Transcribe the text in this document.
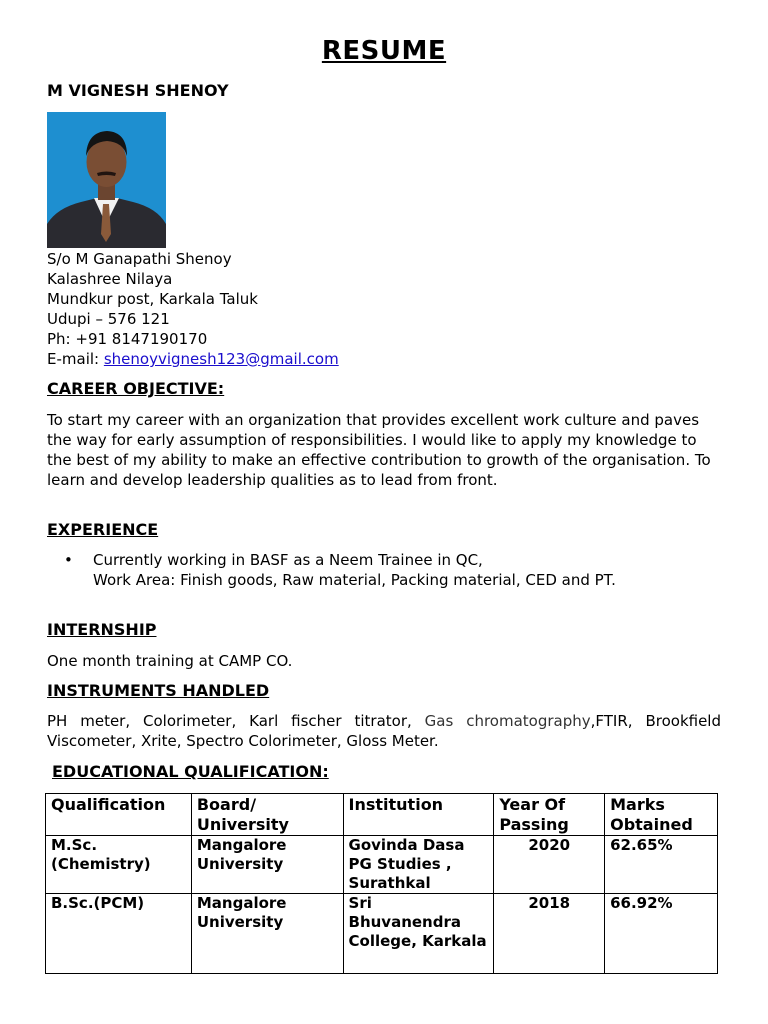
RESUME
M VIGNESH SHENOY
S/o M Ganapathi Shenoy
Kalashree Nilaya
Mundkur post, Karkala Taluk
Udupi – 576 121
Ph: +91 8147190170
E-mail: shenoyvignesh123@gmail.com
CAREER OBJECTIVE:
To start my career with an organization that provides excellent work culture and paves the way for early assumption of responsibilities. I would like to apply my knowledge to the best of my ability to make an effective contribution to growth of the organisation. To learn and develop leadership qualities as to lead from front.
EXPERIENCE
• Currently working in BASF as a Neem Trainee in QC,
Work Area: Finish goods, Raw material, Packing material, CED and PT.
INTERNSHIP
One month training at CAMP CO.
INSTRUMENTS HANDLED
PH meter, Colorimeter, Karl fischer titrator, Gas chromatography,FTIR, Brookfield Viscometer, Xrite, Spectro Colorimeter, Gloss Meter.
EDUCATIONAL QUALIFICATION:
Qualification	Board/ University	Institution	Year Of Passing	Marks Obtained
M.Sc. (Chemistry)	Mangalore University	Govinda Dasa PG Studies , Surathkal	2020	62.65%
B.Sc.(PCM)	Mangalore University	Sri Bhuvanendra College, Karkala	2018	66.92%
